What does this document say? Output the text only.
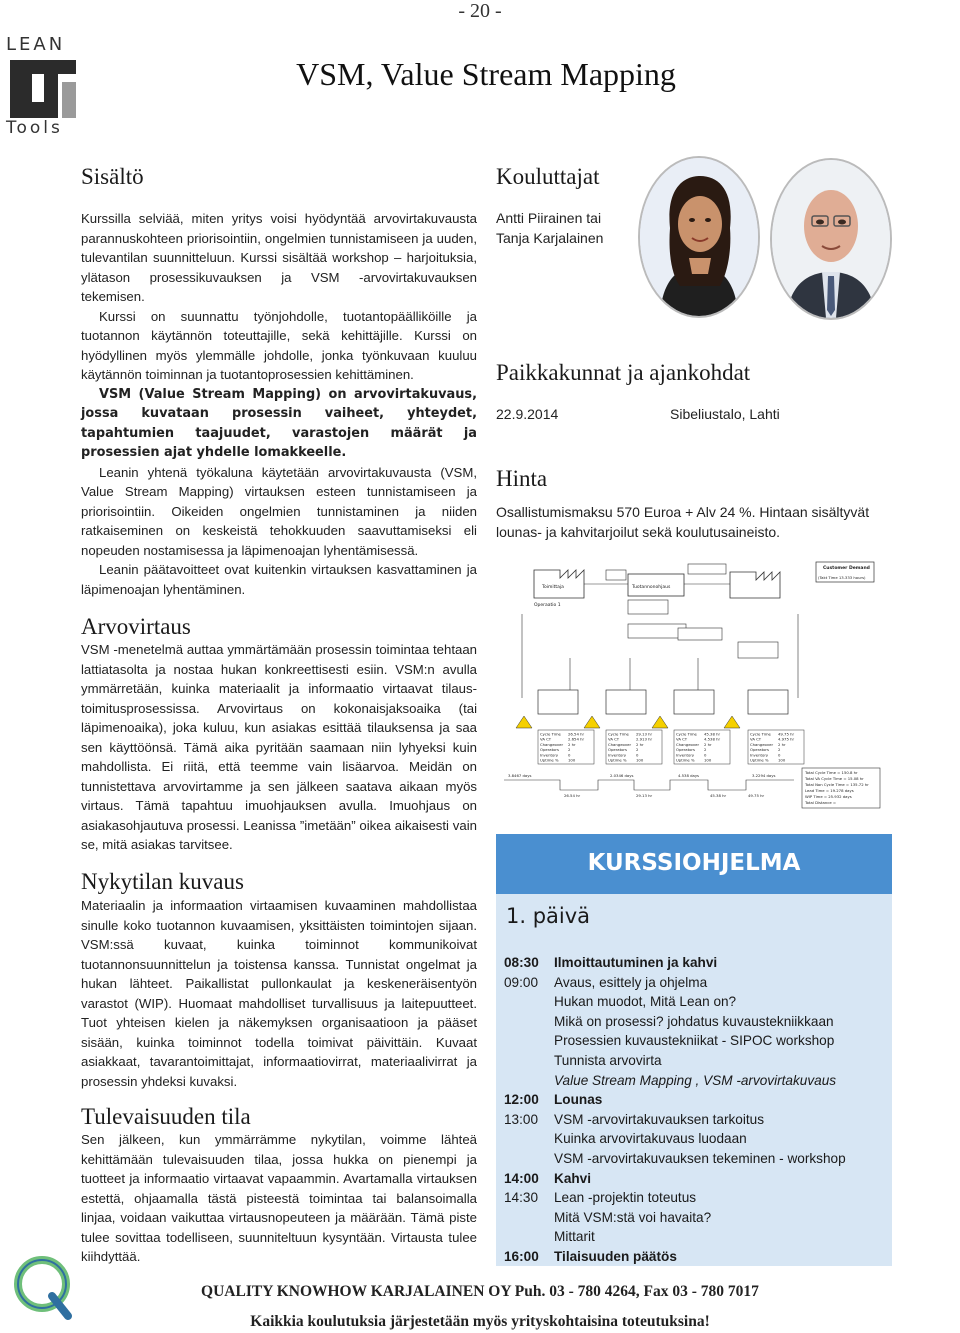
- 20 -
LEAN
Tools
VSM, Value Stream Mapping
Sisältö

Kurssilla selviää, miten yritys voisi hyödyntää arvovirtakuvausta parannuskohteen priorisointiin, ongelmien tunnistamiseen ja uuden, tulevantilan suunnitteluun. Kurssi sisältää workshop – harjoituksia, ylätason prosessikuvauksen ja VSM -arvovirtakuvauksen tekemisen.

Kurssi on suunnattu työnjohdolle, tuotantopäälliköille ja tuotannon käytännön toteuttajille, sekä kehittäjille. Kurssi on hyödyllinen myös ylemmälle johdolle, jonka työnkuvaan kuuluu käytännön toiminnan ja tuotantoprosessien kehittäminen.

VSM (Value Stream Mapping) on arvovirtakuvaus, jossa kuvataan prosessin vaiheet, yhteydet, tapahtumien taajuudet, varastojen määrät ja prosessien ajat yhdelle lomakkeelle.

Leanin yhtenä työkaluna käytetään arvovirtakuvausta (VSM, Value Stream Mapping) virtauksen esteen tunnistamiseen ja priorisointiin. Oikeiden ongelmien tunnistaminen ja niiden ratkaiseminen on keskeistä tehokkuuden saavuttamiseksi eli nopeuden nostamisessa ja läpimenoajan lyhentämisessä.

Leanin päätavoitteet ovat kuitenkin virtauksen kasvattaminen ja läpimenoajan lyhentäminen.

Arvovirtaus

VSM -menetelmä auttaa ymmärtämään prosessin toimintaa tehtaan lattiatasolta ja nostaa hukan konkreettisesti esiin. VSM:n avulla ymmärretään, kuinka materiaalit ja informaatio virtaavat tilaus-toimitusprosessissa. Arvovirtaus on kokonaisjaksoaika (tai läpimenoaika), joka kuluu, kun asiakas esittää tilauksensa ja saa sen käyttöönsä. Tämä aika pyritään saamaan niin lyhyeksi kuin mahdollista. Ei riitä, että teemme vain lisäarvoa. Meidän on tunnistettava arvovirtamme ja sen jälkeen saatava aikaan myös virtaus. Tämä tapahtuu imuohjauksen avulla. Imuohjaus on asiakasohjautuva prosessi. Leanissa ”imetään” oikea aikaisesti vain se, mitä asiakas tarvitsee.

Nykytilan kuvaus

Materiaalin ja informaation virtaamisen kuvaaminen mahdollistaa sinulle koko tuotannon kuvaamisen, yksittäisten toimintojen sijaan. VSM:ssä kuvaat, kuinka toiminnot kommunikoivat tuotannonsuunnittelun ja toistensa kanssa. Tunnistat ongelmat ja hukan lähteet. Paikallistat pullonkaulat ja keskeneräisentyön varastot (WIP). Huomaat mahdolliset turvallisuus ja laitepuutteet. Tuot yhteisen kielen ja näkemyksen organisaatioon ja pääset sisään, kuinka toiminnot todella toimivat päivittäin. Kuvaat asiakkaat, tavarantoimittajat, informaatiovirrat, materiaalivirrat ja prosessin yhdeksi kuvaksi.

Tulevaisuuden tila

Sen jälkeen, kun ymmärrämme nykytilan, voimme lähteä kehittämään tulevaisuuden tilaa, jossa hukka on pienempi ja tuotteet ja informaatio virtaavat vapaammin. Avartamalla virtauksen estettä, ohjaamalla tästä pisteestä toimintaa tai balansoimalla linjaa, voidaan vaikuttaa virtausnopeuteen ja määrään. Tämä piste tulee sovittaa todelliseen, suunniteltuun kysyntään. Virtausta tulee kiihdyttää.

Kouluttajat
Antti Piirainen tai
Tanja Karjalainen
Paikkakunnat ja ajankohdat
22.9.2014	Sibeliustalo, Lahti
Hinta
Osallistumismaksu 570 Euroa + Alv 24 %. Hintaan sisältyvät lounas- ja kahvitarjoilut sekä koulutusaineisto.
Toimittaja	Tuotannonohjaus
Customer Demand
(Takt Time 13.333 hours)
Operaatio 1
Cycle Time 26.54 hr
VA CT	2.654 hr
Changeover 2 hr
Operators 2
Inventory	0
Uptime % 100
Cycle Time 29.13 hr
VA CT	2.913 hr
Changeover 2 hr
Operators 2
Inventory	0
Uptime % 100
Cycle Time 45.38 hr
VA CT	4.538 hr
Changeover 2 hr
Operators 2
Inventory	0
Uptime % 100
Cycle Time 49.75 hr
VA CT	4.975 hr
Changeover 2 hr
Operators 2
Inventory	0
Uptime % 100
3.8467 days	2.0346 days	4.538 days	3.2294 days
26.54 hr	29.13 hr	45.38 hr	49.75 hr
Total Cycle Time = 150.8 hr
Total VA Cycle Time = 15.08 hr
Total Non Cycle Time = 135.72 hr
Lead Time = 19.278 days
WIP Time = 25.932 days
Total Distance =
KURSSIOHJELMA
1. päivä
08:30	Ilmoittautuminen ja kahvi
09:00	Avaus, esittely ja ohjelma
Hukan muodot, Mitä Lean on?
Mikä on prosessi? johdatus kuvaustekniikkaan
Prosessien kuvaustekniikat - SIPOC workshop
Tunnista arvovirta
Value Stream Mapping , VSM -arvovirtakuvaus
12:00	Lounas
13:00	VSM -arvovirtakuvauksen tarkoitus
Kuinka arvovirtakuvaus luodaan
VSM -arvovirtakuvauksen tekeminen - workshop
14:00	Kahvi
14:30	Lean -projektin toteutus
Mitä VSM:stä voi havaita?
Mittarit
16:00	Tilaisuuden päätös
QUALITY KNOWHOW KARJALAINEN OY Puh. 03 - 780 4264, Fax 03 - 780 7017
Kaikkia koulutuksia järjestetään myös yrityskohtaisina toteutuksina!
